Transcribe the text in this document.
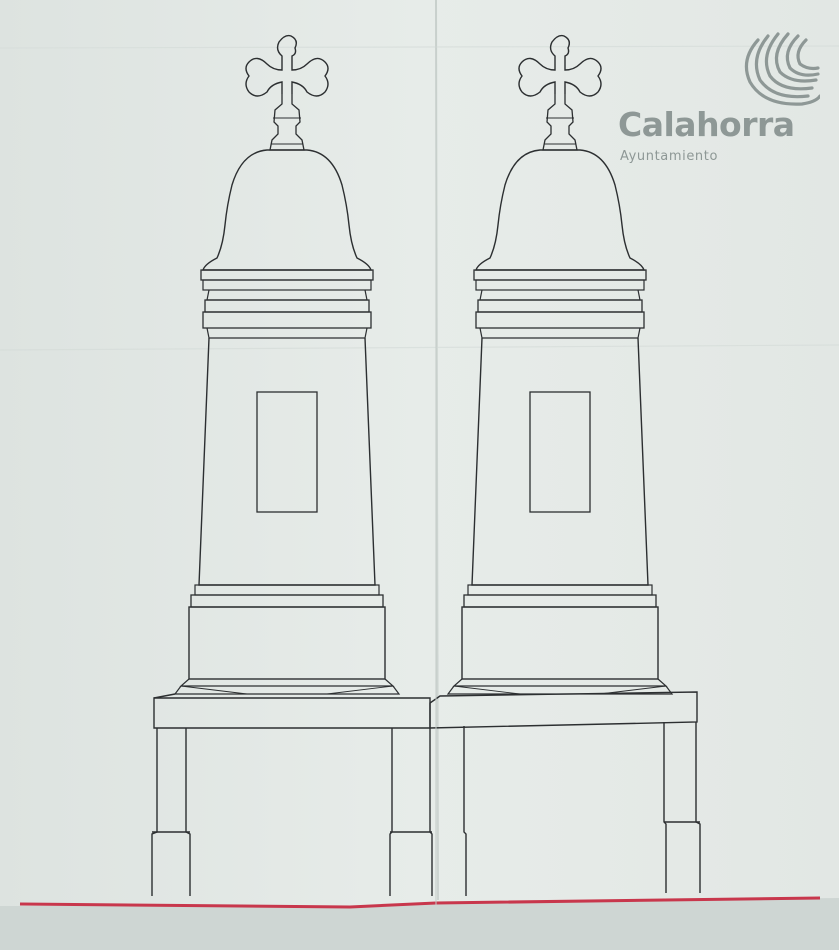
Calahorra
Ayuntamiento
